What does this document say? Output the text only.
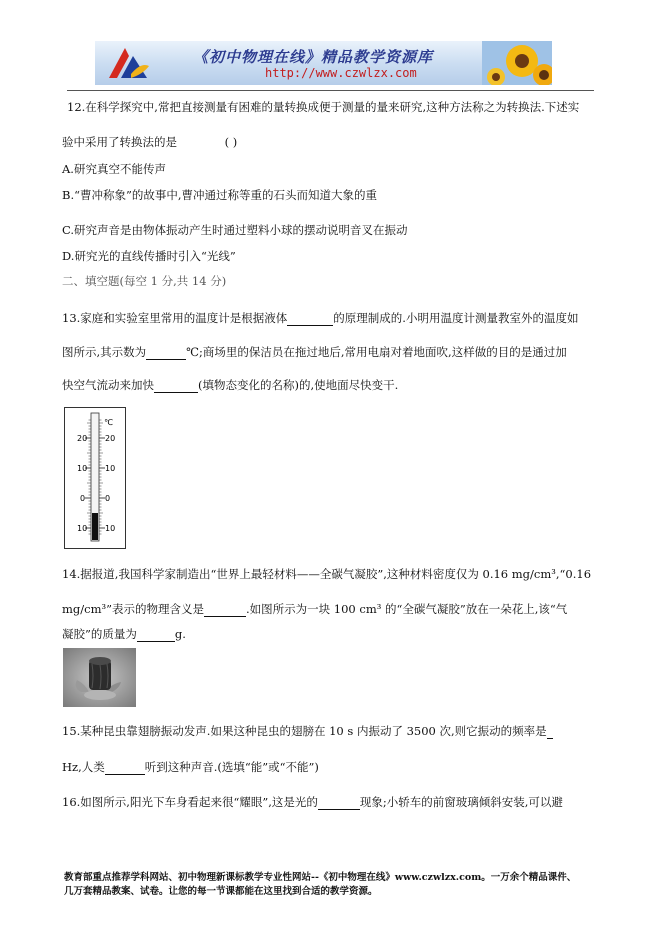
《初中物理在线》精品教学资源库
http://www.czwlzx.com
12.在科学探究中,常把直接测量有困难的量转换成便于测量的量来研究,这种方法称之为转换法.下述实
验中采用了转换法的是	( )
A.研究真空不能传声
B.“曹冲称象”的故事中,曹冲通过称等重的石头而知道大象的重
C.研究声音是由物体振动产生时通过塑料小球的摆动说明音叉在振动
D.研究光的直线传播时引入“光线”
二、填空题(每空 1 分,共 14 分)
13.家庭和实验室里常用的温度计是根据液体	的原理制成的.小明用温度计测量教室外的温度如
图所示,其示数为	℃;商场里的保洁员在拖过地后,常用电扇对着地面吹,这样做的目的是通过加
快空气流动来加快	(填物态变化的名称)的,使地面尽快变干.
℃
20
10
0
10
20
10
0
10
14.据报道,我国科学家制造出“世界上最轻材料——全碳气凝胶”,这种材料密度仅为 0.16 mg/cm³,“0.16
mg/cm³”表示的物理含义是	.如图所示为一块 100 cm³ 的“全碳气凝胶”放在一朵花上,该“气
凝胶”的质量为	g.
15.某种昆虫靠翅膀振动发声.如果这种昆虫的翅膀在 10 s 内振动了 3500 次,则它振动的频率是
Hz,人类	听到这种声音.(选填“能”或“不能”)
16.如图所示,阳光下车身看起来很“耀眼”,这是光的	现象;小轿车的前窗玻璃倾斜安装,可以避
教育部重点推荐学科网站、初中物理新课标教学专业性网站--《初中物理在线》www.czwlzx.com。一万余个精品课件、
几万套精品教案、试卷。让您的每一节课都能在这里找到合适的教学资源。
